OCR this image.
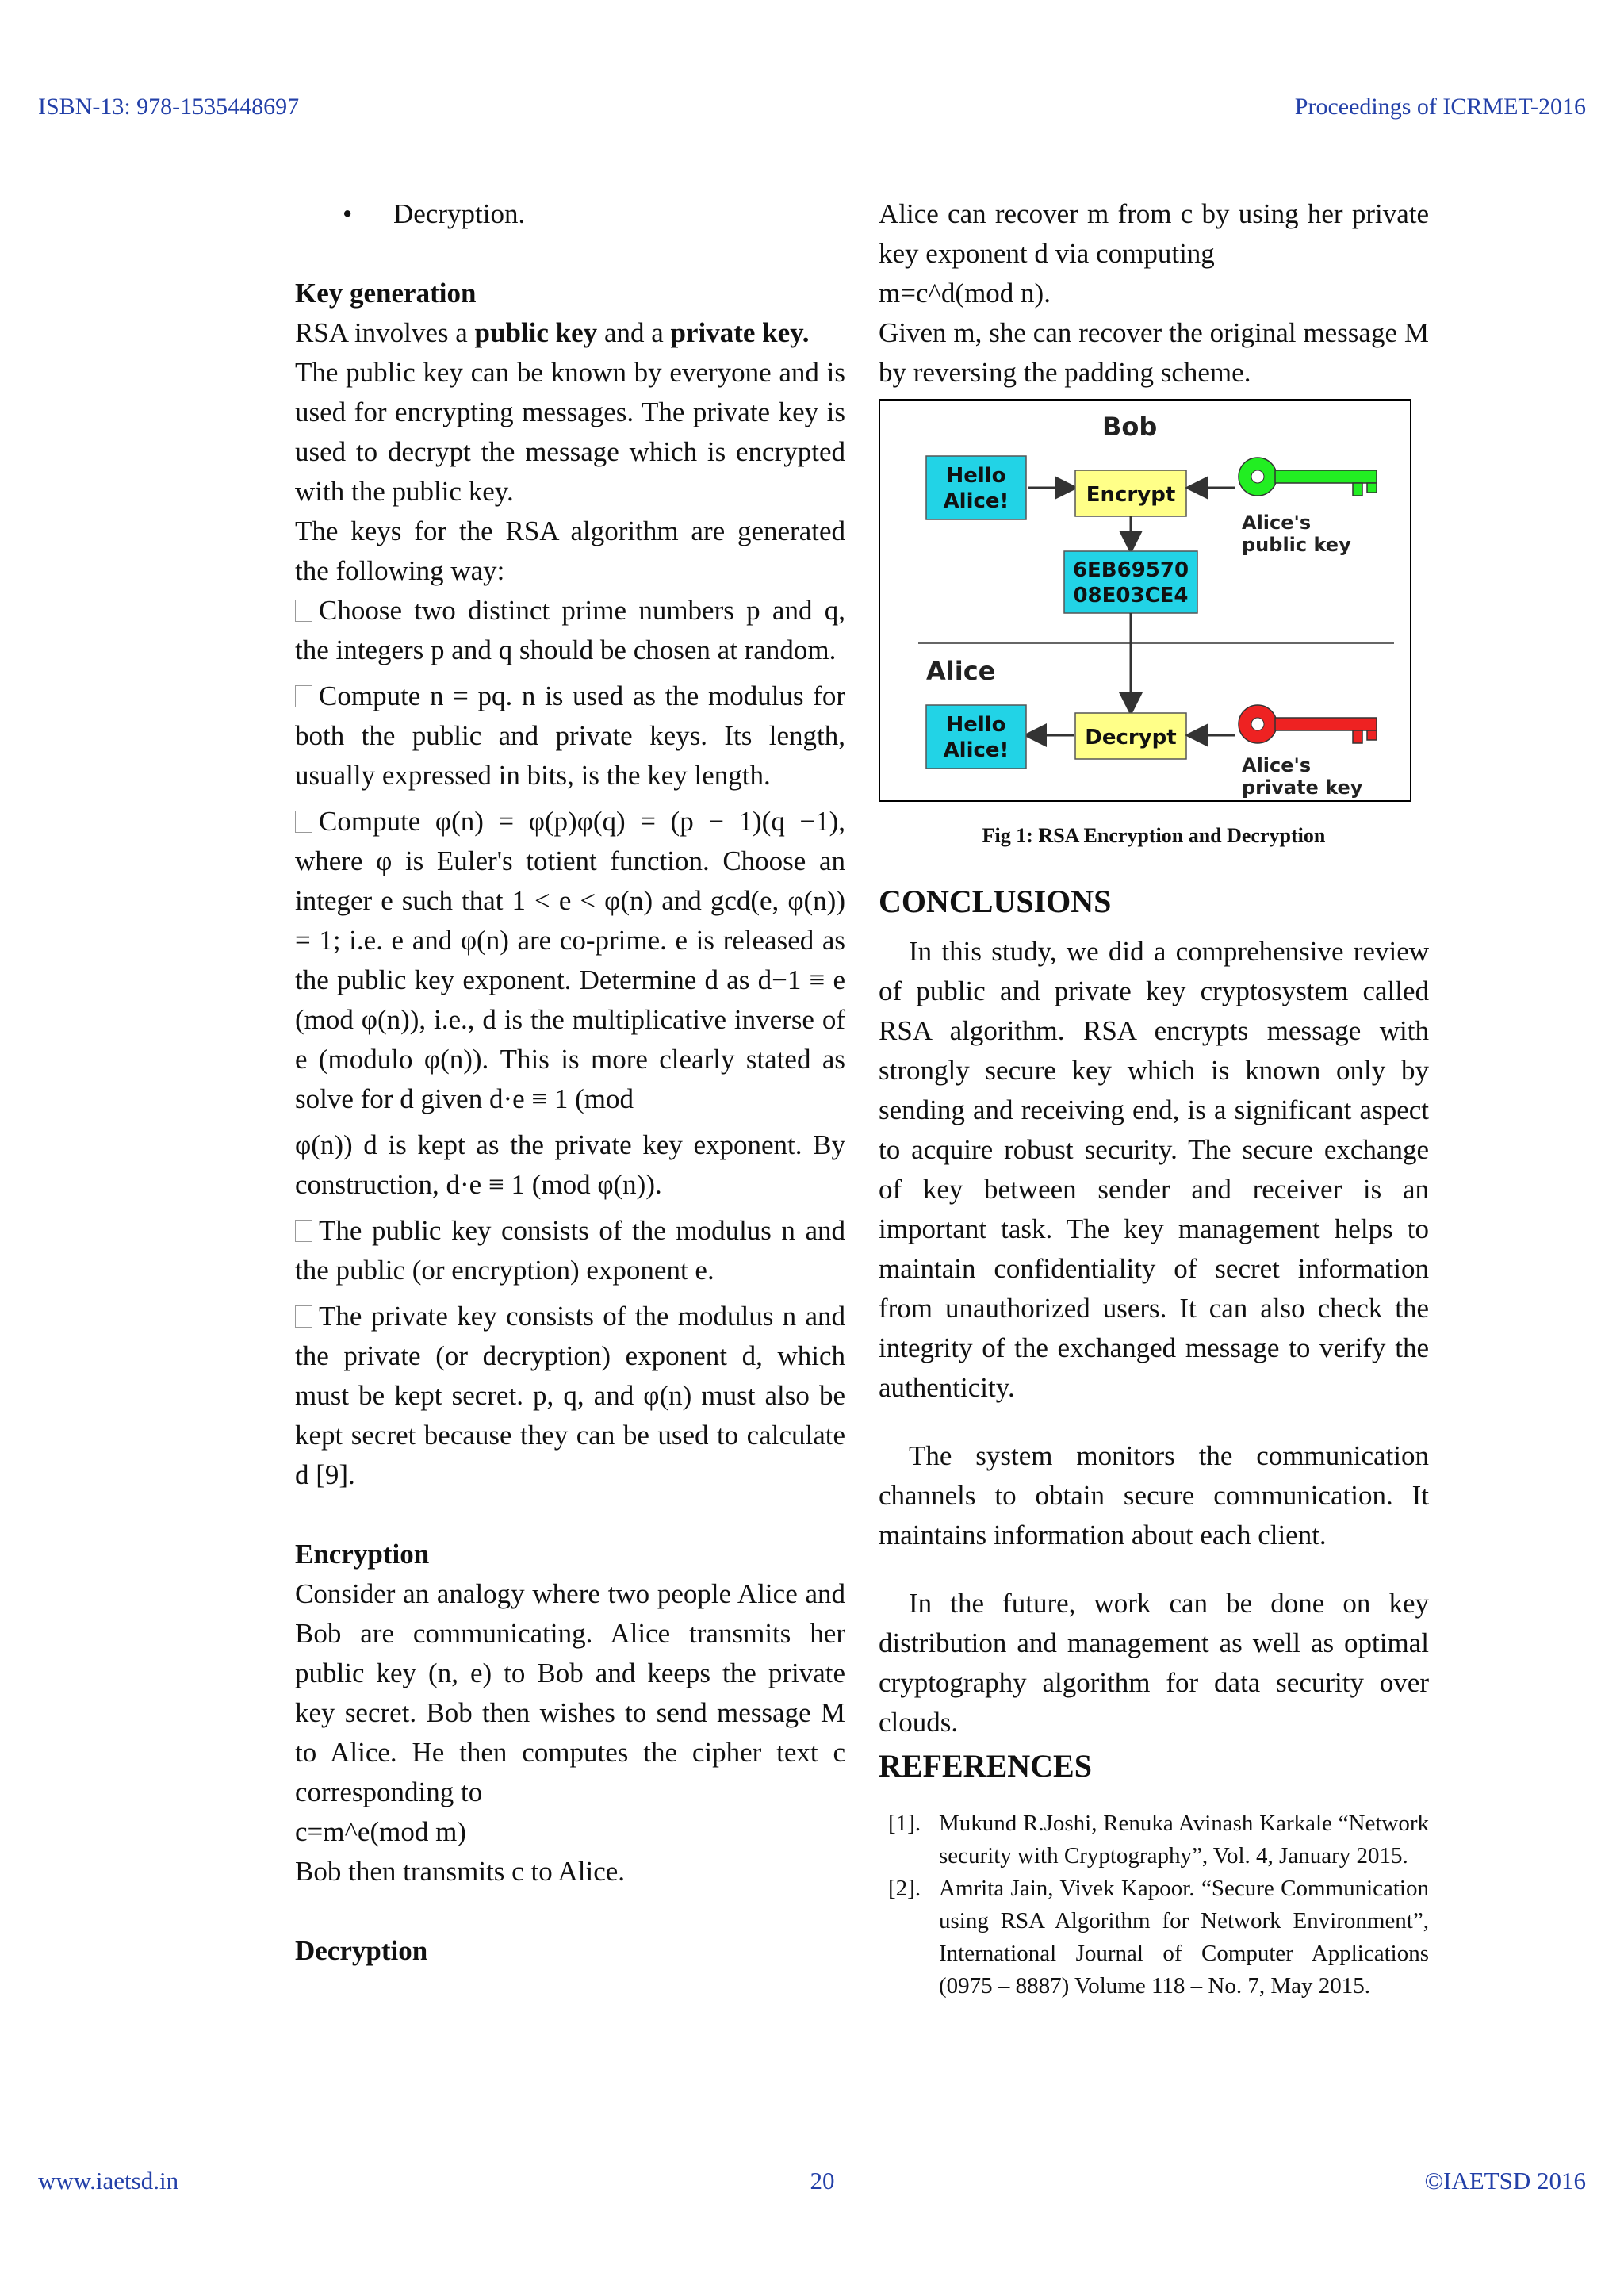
ISBN-13: 978-1535448697	Proceedings of ICRMET-2016
• Decryption.
Key generation

RSA involves a public key and a private key.

The public key can be known by everyone and is used for encrypting messages. The private key is used to decrypt the message which is encrypted with the public key.

The keys for the RSA algorithm are generated the following way:

Choose two distinct prime numbers p and q, the integers p and q should be chosen at random.

Compute n = pq. n is used as the modulus for both the public and private keys. Its length, usually expressed in bits, is the key length.

Compute φ(n) = φ(p)φ(q) = (p − 1)(q −1), where φ is Euler's totient function. Choose an integer e such that 1 < e < φ(n) and gcd(e, φ(n)) = 1; i.e. e and φ(n) are co-prime. e is released as the public key exponent. Determine d as d−1 ≡ e (mod φ(n)), i.e., d is the multiplicative inverse of e (modulo φ(n)). This is more clearly stated as solve for d given d·e ≡ 1 (mod

φ(n)) d is kept as the private key exponent. By construction, d·e ≡ 1 (mod φ(n)).

The public key consists of the modulus n and the public (or encryption) exponent e.

The private key consists of the modulus n and the private (or decryption) exponent d, which must be kept secret. p, q, and φ(n) must also be kept secret because they can be used to calculate d [9].

Encryption

Consider an analogy where two people Alice and Bob are communicating. Alice transmits her public key (n, e) to Bob and keeps the private key secret. Bob then wishes to send message M to Alice. He then computes the cipher text c corresponding to

c=m^e(mod m)

Bob then transmits c to Alice.

Decryption

Alice can recover m from c by using her private key exponent d via computing

m=c^d(mod n).

Given m, she can recover the original message M by reversing the padding scheme.

Bob
Hello
Alice!	Encrypt
Alice's
public key
6EB69570
08E03CE4
Alice
Decrypt
Hello
Alice!
Alice's
private key
Fig 1: RSA Encryption and Decryption
CONCLUSIONS

In this study, we did a comprehensive review of public and private key cryptosystem called RSA algorithm. RSA encrypts message with strongly secure key which is known only by sending and receiving end, is a significant aspect to acquire robust security. The secure exchange of key between sender and receiver is an important task. The key management helps to maintain confidentiality of secret information from unauthorized users. It can also check the integrity of the exchanged message to verify the authenticity.

The system monitors the communication channels to obtain secure communication. It maintains information about each client.

In the future, work can be done on key distribution and management as well as optimal cryptography algorithm for data security over clouds.

REFERENCES
[1]. Mukund R.Joshi, Renuka Avinash Karkale “Network security with Cryptography”, Vol. 4, January 2015.
[2]. Amrita Jain, Vivek Kapoor. “Secure Communication using RSA Algorithm for Network Environment”, International Journal of Computer Applications (0975 – 8887) Volume 118 – No. 7, May 2015.
www.iaetsd.in	20	©IAETSD 2016
